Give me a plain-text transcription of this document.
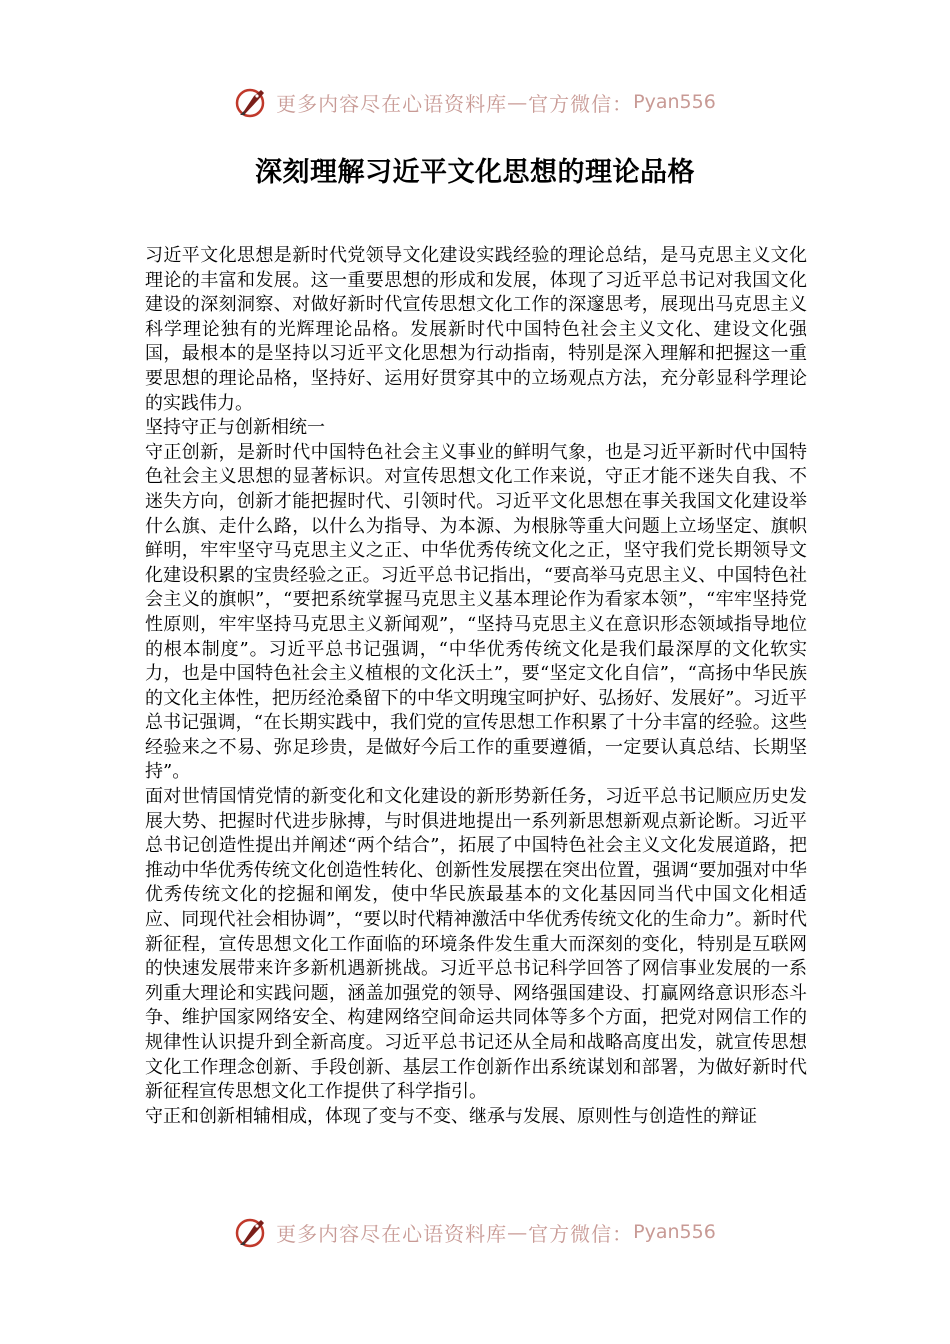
更多内容尽在心语资料库 — 官方微信： Pyan556
深刻理解习近平文化思想的理论品格

习近平文化思想是新时代党领导文化建设实践经验的理论总结，是马克思主义文化理论的丰富和发展。这一重要思想的形成和发展，体现了习近平总书记对我国文化建设的深刻洞察、对做好新时代宣传思想文化工作的深邃思考，展现出马克思主义科学理论独有的光辉理论品格。发展新时代中国特色社会主义文化、建设文化强国，最根本的是坚持以习近平文化思想为行动指南，特别是深入理解和把握这一重要思想的理论品格，坚持好、运用好贯穿其中的立场观点方法，充分彰显科学理论的实践伟力。

坚持守正与创新相统一

守正创新，是新时代中国特色社会主义事业的鲜明气象，也是习近平新时代中国特色社会主义思想的显著标识。对宣传思想文化工作来说，守正才能不迷失自我、不迷失方向，创新才能把握时代、引领时代。习近平文化思想在事关我国文化建设举什么旗、走什么路，以什么为指导、为本源、为根脉等重大问题上立场坚定、旗帜鲜明，牢牢坚守马克思主义之正、中华优秀传统文化之正，坚守我们党长期领导文化建设积累的宝贵经验之正。习近平总书记指出，“要高举马克思主义、中国特色社会主义的旗帜”，“要把系统掌握马克思主义基本理论作为看家本领”，“牢牢坚持党性原则，牢牢坚持马克思主义新闻观”，“坚持马克思主义在意识形态领域指导地位的根本制度”。习近平总书记强调，“中华优秀传统文化是我们最深厚的文化软实力，也是中国特色社会主义植根的文化沃土”，要“坚定文化自信”，“高扬中华民族的文化主体性，把历经沧桑留下的中华文明瑰宝呵护好、弘扬好、发展好”。习近平总书记强调，“在长期实践中，我们党的宣传思想工作积累了十分丰富的经验。这些经验来之不易、弥足珍贵，是做好今后工作的重要遵循，一定要认真总结、长期坚持”。

面对世情国情党情的新变化和文化建设的新形势新任务，习近平总书记顺应历史发展大势、把握时代进步脉搏，与时俱进地提出一系列新思想新观点新论断。习近平总书记创造性提出并阐述“两个结合”，拓展了中国特色社会主义文化发展道路，把推动中华优秀传统文化创造性转化、创新性发展摆在突出位置，强调“要加强对中华优秀传统文化的挖掘和阐发，使中华民族最基本的文化基因同当代中国文化相适应、同现代社会相协调”，“要以时代精神激活中华优秀传统文化的生命力”。新时代新征程，宣传思想文化工作面临的环境条件发生重大而深刻的变化，特别是互联网的快速发展带来许多新机遇新挑战。习近平总书记科学回答了网信事业发展的一系列重大理论和实践问题，涵盖加强党的领导、网络强国建设、打赢网络意识形态斗争、维护国家网络安全、构建网络空间命运共同体等多个方面，把党对网信工作的规律性认识提升到全新高度。习近平总书记还从全局和战略高度出发，就宣传思想文化工作理念创新、手段创新、基层工作创新作出系统谋划和部署，为做好新时代新征程宣传思想文化工作提供了科学指引。

守正和创新相辅相成，体现了变与不变、继承与发展、原则性与创造性的辩证

更多内容尽在心语资料库 — 官方微信： Pyan556
